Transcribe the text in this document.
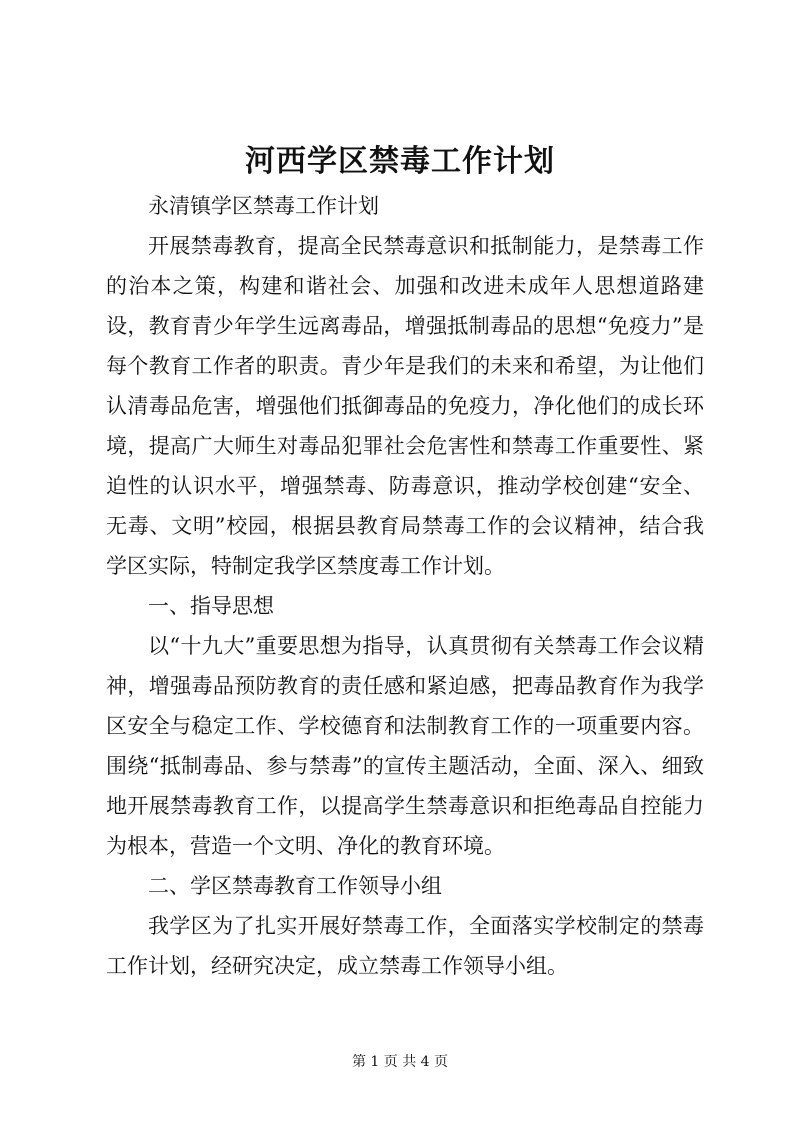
河西学区禁毒工作计划

永清镇学区禁毒工作计划

开展禁毒教育，提高全民禁毒意识和抵制能力，是禁毒工作的治本之策，构建和谐社会、加强和改进未成年人思想道路建设，教育青少年学生远离毒品，增强抵制毒品的思想“免疫力”是每个教育工作者的职责。青少年是我们的未来和希望，为让他们认清毒品危害，增强他们抵御毒品的免疫力，净化他们的成长环境，提高广大师生对毒品犯罪社会危害性和禁毒工作重要性、紧迫性的认识水平，增强禁毒、防毒意识，推动学校创建“安全、无毒、文明”校园，根据县教育局禁毒工作的会议精神，结合我学区实际，特制定我学区禁度毒工作计划。

一、指导思想

以“十九大”重要思想为指导，认真贯彻有关禁毒工作会议精神，增强毒品预防教育的责任感和紧迫感，把毒品教育作为我学区安全与稳定工作、学校德育和法制教育工作的一项重要内容。围绕“抵制毒品、参与禁毒”的宣传主题活动，全面、深入、细致地开展禁毒教育工作，以提高学生禁毒意识和拒绝毒品自控能力为根本，营造一个文明、净化的教育环境。

二、学区禁毒教育工作领导小组

我学区为了扎实开展好禁毒工作，全面落实学校制定的禁毒工作计划，经研究决定，成立禁毒工作领导小组。

第 1 页 共 4 页
